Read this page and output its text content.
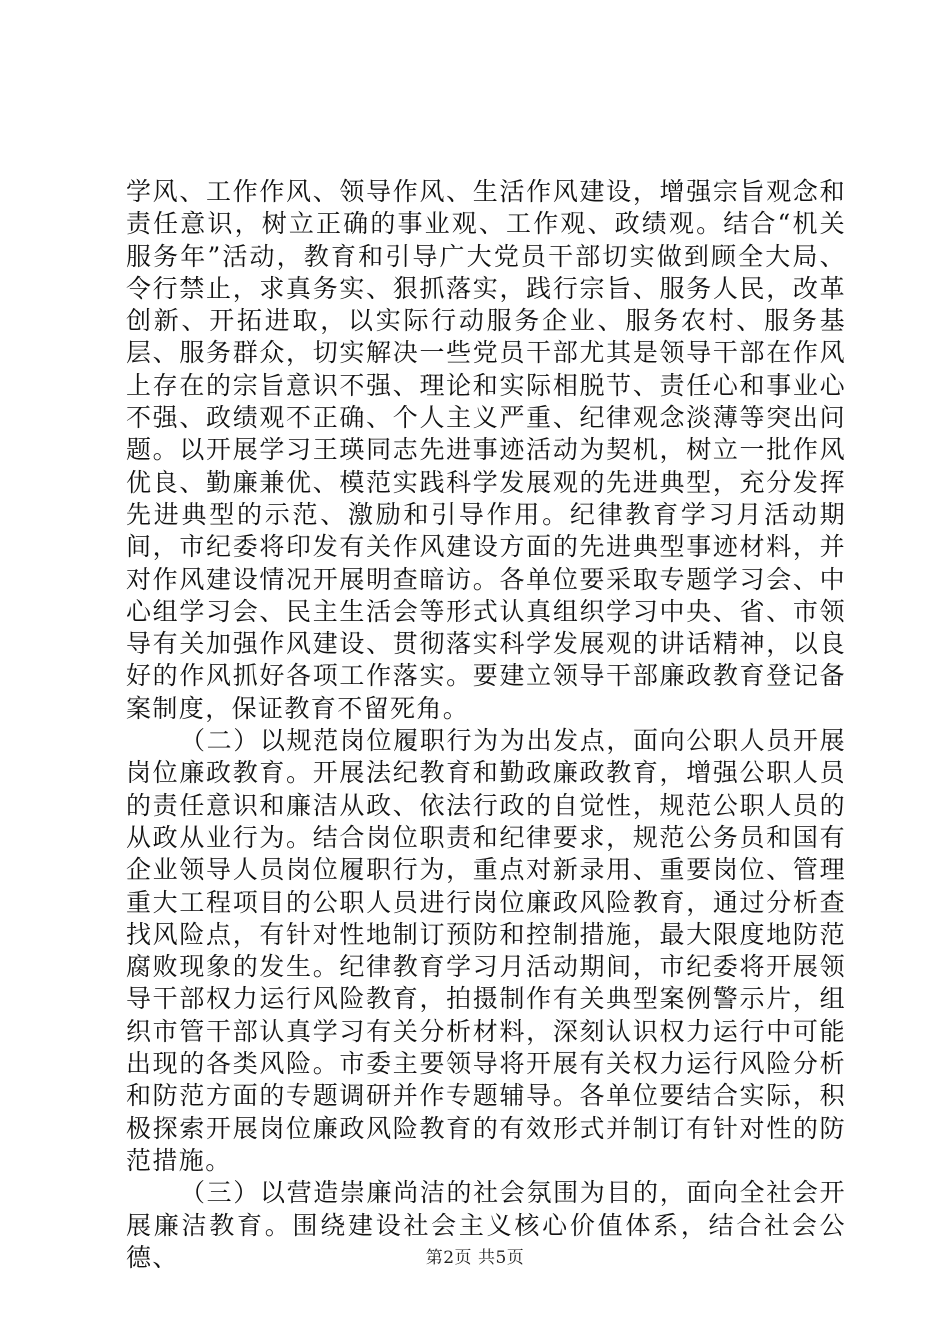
学风、工作作风、领导作风、生活作风建设，增强宗旨观念和责任意识，树立正确的事业观、工作观、政绩观。结合“机关服务年”活动，教育和引导广大党员干部切实做到顾全大局、令行禁止，求真务实、狠抓落实，践行宗旨、服务人民，改革创新、开拓进取，以实际行动服务企业、服务农村、服务基层、服务群众，切实解决一些党员干部尤其是领导干部在作风上存在的宗旨意识不强、理论和实际相脱节、责任心和事业心不强、政绩观不正确、个人主义严重、纪律观念淡薄等突出问题。以开展学习王瑛同志先进事迹活动为契机，树立一批作风优良、勤廉兼优、模范实践科学发展观的先进典型，充分发挥先进典型的示范、激励和引导作用。纪律教育学习月活动期间，市纪委将印发有关作风建设方面的先进典型事迹材料，并对作风建设情况开展明查暗访。各单位要采取专题学习会、中心组学习会、民主生活会等形式认真组织学习中央、省、市领导有关加强作风建设、贯彻落实科学发展观的讲话精神，以良好的作风抓好各项工作落实。要建立领导干部廉政教育登记备案制度，保证教育不留死角。

（二）以规范岗位履职行为为出发点，面向公职人员开展岗位廉政教育。开展法纪教育和勤政廉政教育，增强公职人员的责任意识和廉洁从政、依法行政的自觉性，规范公职人员的从政从业行为。结合岗位职责和纪律要求，规范公务员和国有企业领导人员岗位履职行为，重点对新录用、重要岗位、管理重大工程项目的公职人员进行岗位廉政风险教育，通过分析查找风险点，有针对性地制订预防和控制措施，最大限度地防范腐败现象的发生。纪律教育学习月活动期间，市纪委将开展领导干部权力运行风险教育，拍摄制作有关典型案例警示片，组织市管干部认真学习有关分析材料，深刻认识权力运行中可能出现的各类风险。市委主要领导将开展有关权力运行风险分析和防范方面的专题调研并作专题辅导。各单位要结合实际，积极探索开展岗位廉政风险教育的有效形式并制订有针对性的防范措施。

（三）以营造崇廉尚洁的社会氛围为目的，面向全社会开展廉洁教育。围绕建设社会主义核心价值体系，结合社会公德、	第2页 共5页
